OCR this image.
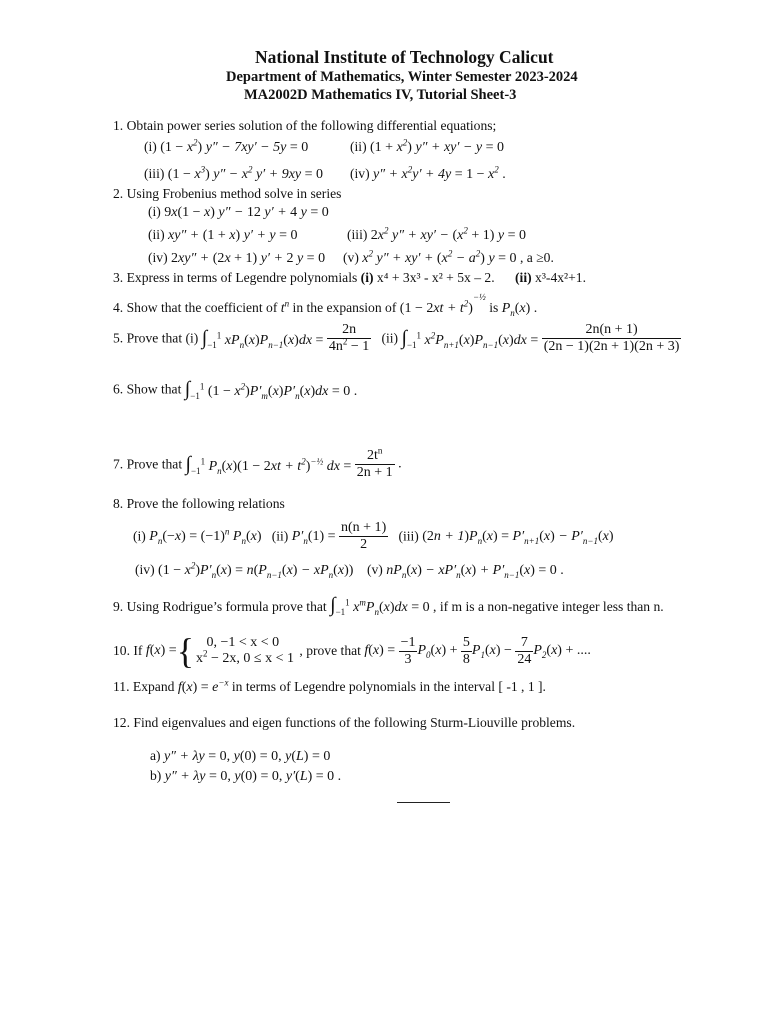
National Institute of Technology Calicut
Department of Mathematics, Winter Semester 2023-2024
MA2002D Mathematics IV, Tutorial Sheet-3
1. Obtain power series solution of the following differential equations;
(i) $(1 - x^2)$ y″ − 7xy′ − 5y = 0	(ii) $(1 + x^2)$ y″ + xy′ − y = 0
(iii) $(1 - x^3)$ $y'' - x^2$ y′ + 9xy = 0 (iv) $y'' + x^2y' + 4y = 1 - x^2$ .
2. Using Frobenius method solve in series
(i) 9x(1 − x) y″ − 12 y′ + 4 y = 0
(ii) xy″ + (1 + x) y′ + y = 0	(iii) $2x^2$ $y'' + xy' - (x^2 + 1) y = 0$
(iv) 2xy″ + (2x + 1) y′ + 2 y = 0 (v) $x^2$ $y'' + xy' + (x^2 - a^2) y = 0$ , a ≥0.
3. Express in terms of Legendre polynomials (i) x⁴ + 3x³ - x² + 5x – 2. (ii) x³-4x²+1.
4. Show that the coefficient of $t^n$ in the expansion of $(1 - 2xt + t^2)^{-\frac{1}{2}}$ is $P_n(x)$ .
5. Prove that (i) $\int_{-1}^1$ $xP_n(x)P_{n-1}(x)dx = \frac{2n}{4n^2 - 1} (ii)$ $\int_{-1}^1$ $x^2P_{n+1}(x)P_{n-1}(x)dx = \frac{2n(n + 1)}{(2n - 1)(2n + 1)(2n + 3)}$
6. Show that $\int_{-1}^1$ $(1 - x^2)P'_m(x)P'_n(x)dx = 0$ .
7. Prove that $\int_{-1}^1$ $P_n(x)(1 - 2xt + t^2)^{-\frac{1}{2}}$ dx = $\frac{2t^n}{2n + 1}$ .
8. Prove the following relations
(i) $P_n(-x) = (-1)^n$ $P_n(x)$ (ii) $P'_n(1) = \frac{n(n + 1)}{2} (iii) (2n + 1)P_n(x) = P'_{n+1}(x) - P'_{n-1}(x)$
(iv) $(1 - x^2)P'_n(x) = n(P_{n-1}(x) - xP_n(x))$ (v) $nP_n(x) - xP'_n(x) + P'_{n-1}(x) = 0$ .
9. Using Rodrigue’s formula prove that $\int_{-1}^1$ $x^mP_n(x)dx = 0$ , if m is a non-negative integer less than n.
10. If f(x) ={ 0, −1 < x < 0
$x^2 - 2x$, 0 ≤ x < 1
, prove that $f(x) = \frac{-1}{3} P_0(x) + \frac{5}{8} P_1(x) - \frac{7}{24} P_2(x)$ + ....
11. Expand $f(x) = e^{-x}$ in terms of Legendre polynomials in the interval [ -1 , 1 ].
12. Find eigenvalues and eigen functions of the following Sturm-Liouville problems.
a) y″ + λy = 0, y(0) = 0, y(L) = 0
b) y″ + λy = 0, y(0) = 0, y′(L) = 0 .
